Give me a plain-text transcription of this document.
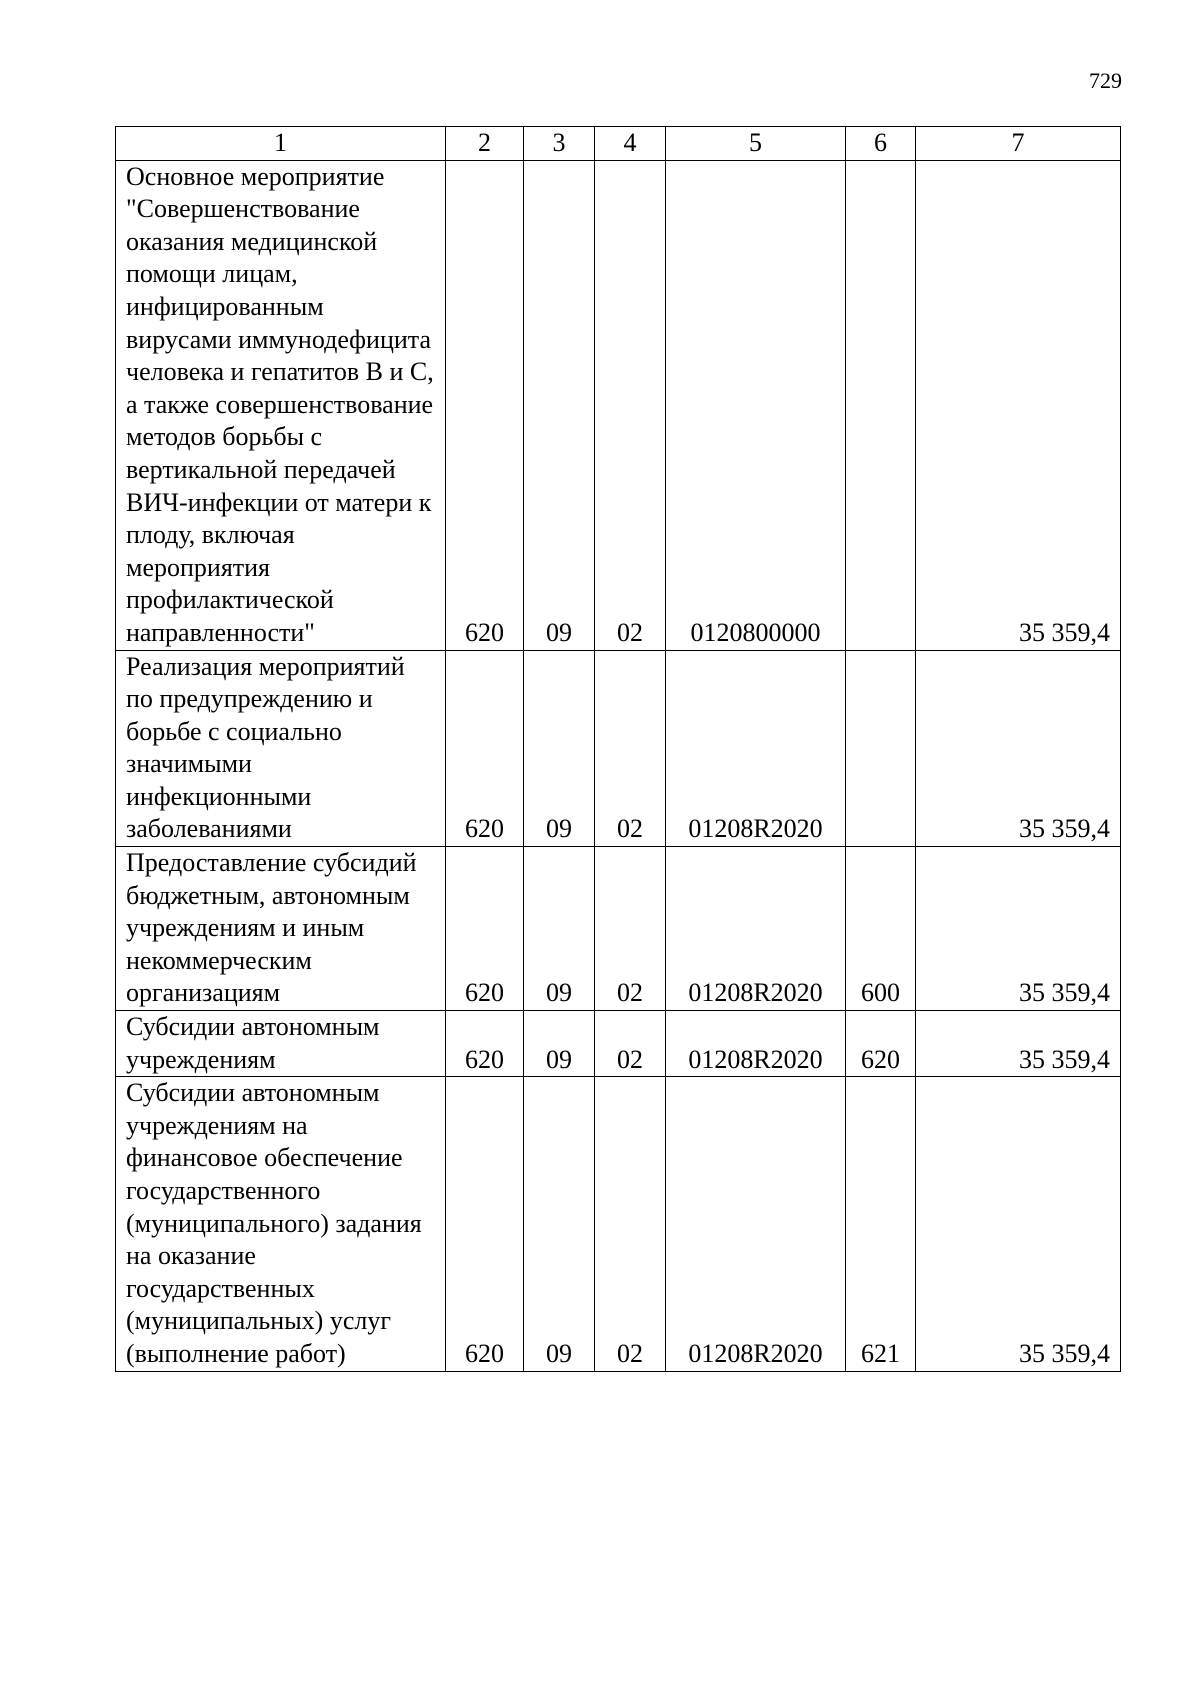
729
1	2	3	4	5	6	7
Основное мероприятие "Совершенствование оказания медицинской помощи лицам, инфицированным вирусами иммунодефицита человека и гепатитов B и C, а также совершенствование методов борьбы с вертикальной передачей ВИЧ-инфекции от матери к плоду, включая мероприятия профилактической направленности"	620	09	02	0120800000		35 359,4
Реализация мероприятий по предупреждению и борьбе с социально значимыми инфекционными заболеваниями	620	09	02	01208R2020		35 359,4
Предоставление субсидий бюджетным, автономным учреждениям и иным некоммерческим организациям	620	09	02	01208R2020	600	35 359,4
Субсидии автономным учреждениям	620	09	02	01208R2020	620	35 359,4
Субсидии автономным учреждениям на финансовое обеспечение государственного (муниципального) задания на оказание государственных (муниципальных) услуг (выполнение работ)	620	09	02	01208R2020	621	35 359,4
